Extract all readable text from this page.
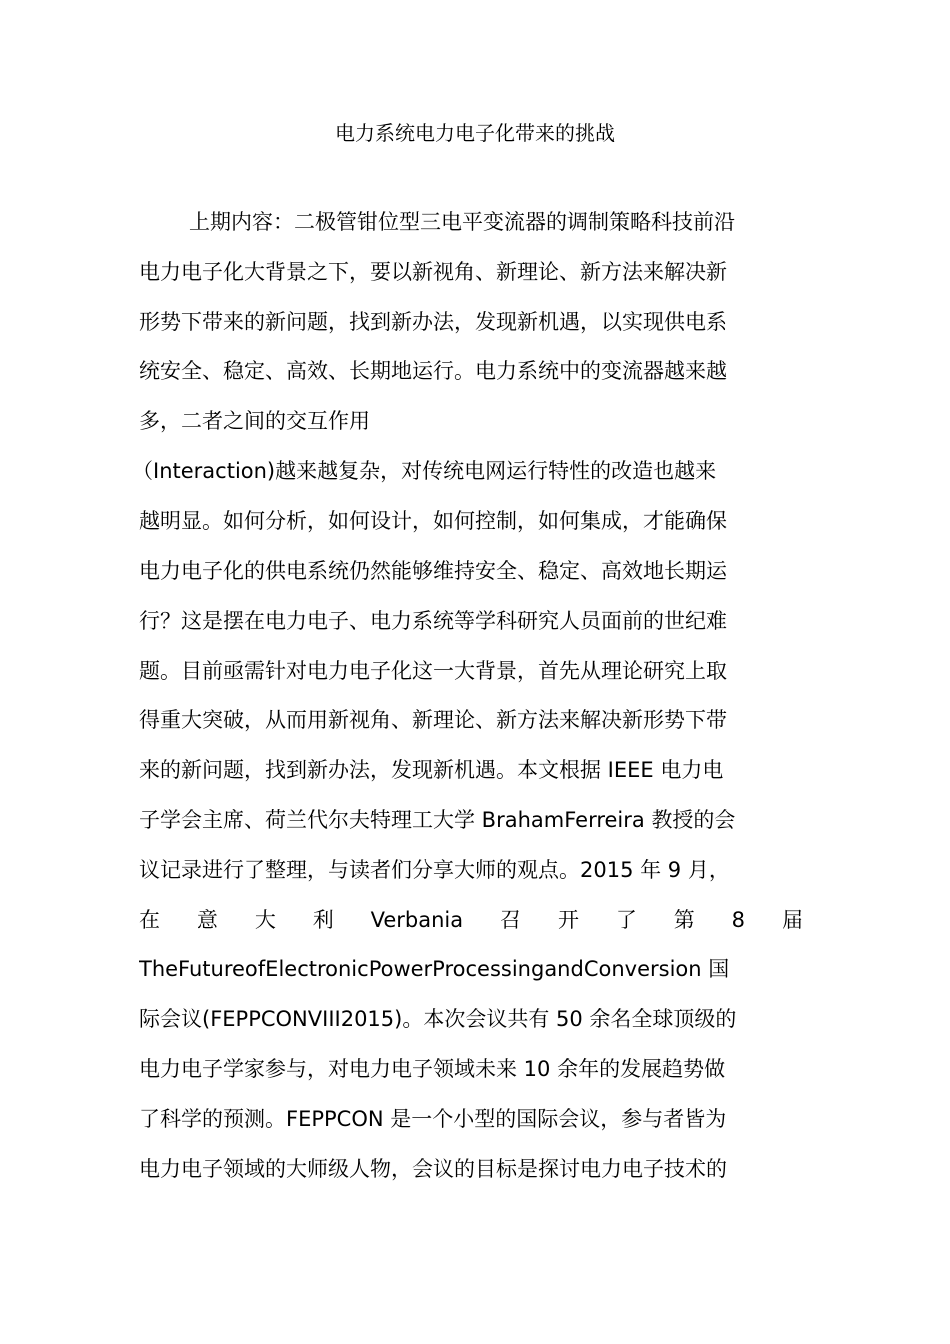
电力系统电力电子化带来的挑战
上期内容：二极管钳位型三电平变流器的调制策略科技前沿
电力电子化大背景之下，要以新视角、新理论、新方法来解决新
形势下带来的新问题，找到新办法，发现新机遇，以实现供电系
统安全、稳定、高效、长期地运行。电力系统中的变流器越来越
多，二者之间的交互作用
（Interaction)越来越复杂，对传统电网运行特性的改造也越来
越明显。如何分析，如何设计，如何控制，如何集成，才能确保
电力电子化的供电系统仍然能够维持安全、稳定、高效地长期运
行？这是摆在电力电子、电力系统等学科研究人员面前的世纪难
题。目前亟需针对电力电子化这一大背景，首先从理论研究上取
得重大突破，从而用新视角、新理论、新方法来解决新形势下带
来的新问题，找到新办法，发现新机遇。本文根据 IEEE 电力电
子学会主席、荷兰代尔夫特理工大学 BrahamFerreira 教授的会
议记录进行了整理，与读者们分享大师的观点。2015 年 9 月，
在 意 大 利 Verbania 召 开 了 第 8 届
TheFutureofElectronicPowerProcessingandConversion 国
际会议(FEPPCONVIII2015)。本次会议共有 50 余名全球顶级的
电力电子学家参与，对电力电子领域未来 10 余年的发展趋势做
了科学的预测。FEPPCON 是一个小型的国际会议，参与者皆为
电力电子领域的大师级人物，会议的目标是探讨电力电子技术的
